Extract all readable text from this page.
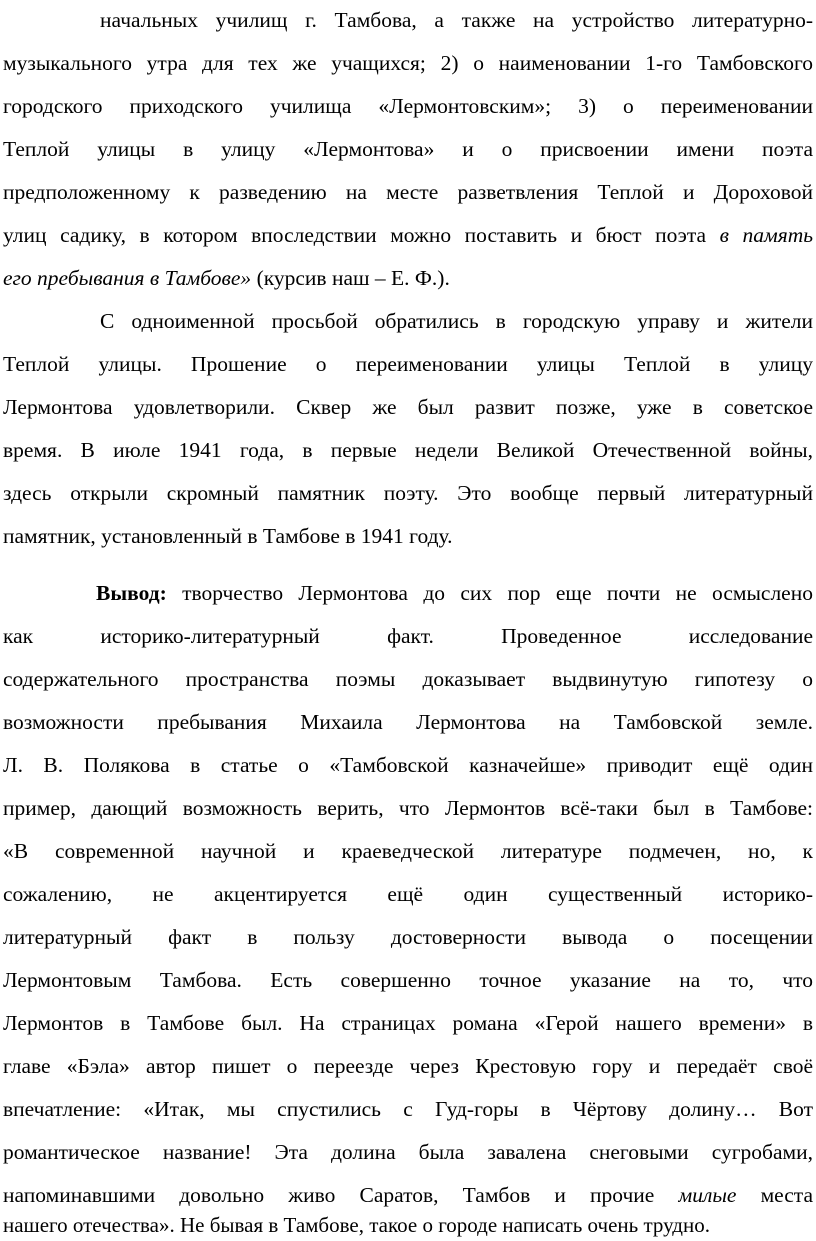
начальных училищ г. Тамбова, а также на устройство литературно-
музыкального утра для тех же учащихся; 2) о наименовании 1-го Тамбовского
городского приходского училища «Лермонтовским»; 3) о переименовании
Теплой улицы в улицу «Лермонтова» и о присвоении имени поэта
предположенному к разведению на месте разветвления Теплой и Дороховой
улиц садику, в котором впоследствии можно поставить и бюст поэта в память
его пребывания в Тамбове» (курсив наш – Е. Ф.).
С одноименной просьбой обратились в городскую управу и жители
Теплой улицы. Прошение о переименовании улицы Теплой в улицу
Лермонтова удовлетворили. Сквер же был развит позже, уже в советское
время. В июле 1941 года, в первые недели Великой Отечественной войны,
здесь открыли скромный памятник поэту. Это вообще первый литературный
памятник, установленный в Тамбове в 1941 году.
Вывод: творчество Лермонтова до сих пор еще почти не осмыслено
как историко-литературный факт. Проведенное исследование
содержательного пространства поэмы доказывает выдвинутую гипотезу о
возможности пребывания Михаила Лермонтова на Тамбовской земле.
Л. В. Полякова в статье о «Тамбовской казначейше» приводит ещё один
пример, дающий возможность верить, что Лермонтов всё-таки был в Тамбове:
«В современной научной и краеведческой литературе подмечен, но, к
сожалению, не акцентируется ещё один существенный историко-
литературный факт в пользу достоверности вывода о посещении
Лермонтовым Тамбова. Есть совершенно точное указание на то, что
Лермонтов в Тамбове был. На страницах романа «Герой нашего времени» в
главе «Бэла» автор пишет о переезде через Крестовую гору и передаёт своё
впечатление: «Итак, мы спустились с Гуд-горы в Чёртову долину… Вот
романтическое название! Эта долина была завалена снеговыми сугробами,
напоминавшими довольно живо Саратов, Тамбов и прочие милые места
нашего отечества». Не бывая в Тамбове, такое о городе написать очень трудно.
